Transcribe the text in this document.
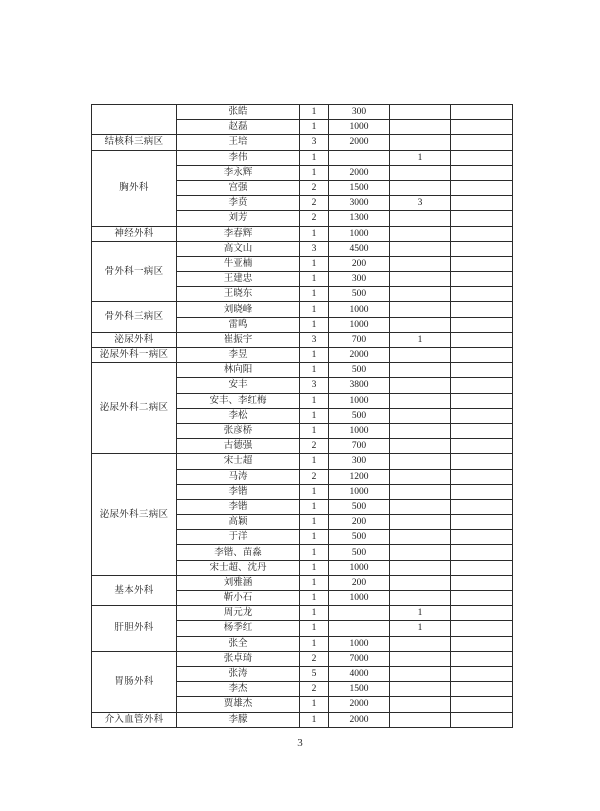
	张皓	1	300		
	赵磊	1	1000		
结核科三病区	王培	3	2000		
胸外科	李伟	1		1	
	李永辉	1	2000		
	宫强	2	1500		
	李贲	2	3000	3	
	刘芳	2	1300		
神经外科	李春辉	1	1000		
骨外科一病区	高文山	3	4500		
	牛亚楠	1	200		
	王建忠	1	300		
	王晓东	1	500		
骨外科三病区	刘晓峰	1	1000		
	雷鸣	1	1000		
泌尿外科	崔振宇	3	700	1	
泌尿外科一病区	李昱	1	2000		
泌尿外科二病区	林向阳	1	500		
	安丰	3	3800		
	安丰、李红梅	1	1000		
	李松	1	500		
	张彦桥	1	1000		
	古德强	2	700		
泌尿外科三病区	宋士超	1	300		
	马涛	2	1200		
	李锴	1	1000		
	李锴	1	500		
	高颖	1	200		
	于洋	1	500		
	李锴、苗淼	1	500		
	宋士超、沈丹	1	1000		
基本外科	刘雅涵	1	200		
	靳小石	1	1000		
肝胆外科	周元龙	1		1	
	杨季红	1		1	
	张全	1	1000		
胃肠外科	张卓琦	2	7000		
	张涛	5	4000		
	李杰	2	1500		
	贾雄杰	1	2000		
介入血管外科	李朦	1	2000		
3
